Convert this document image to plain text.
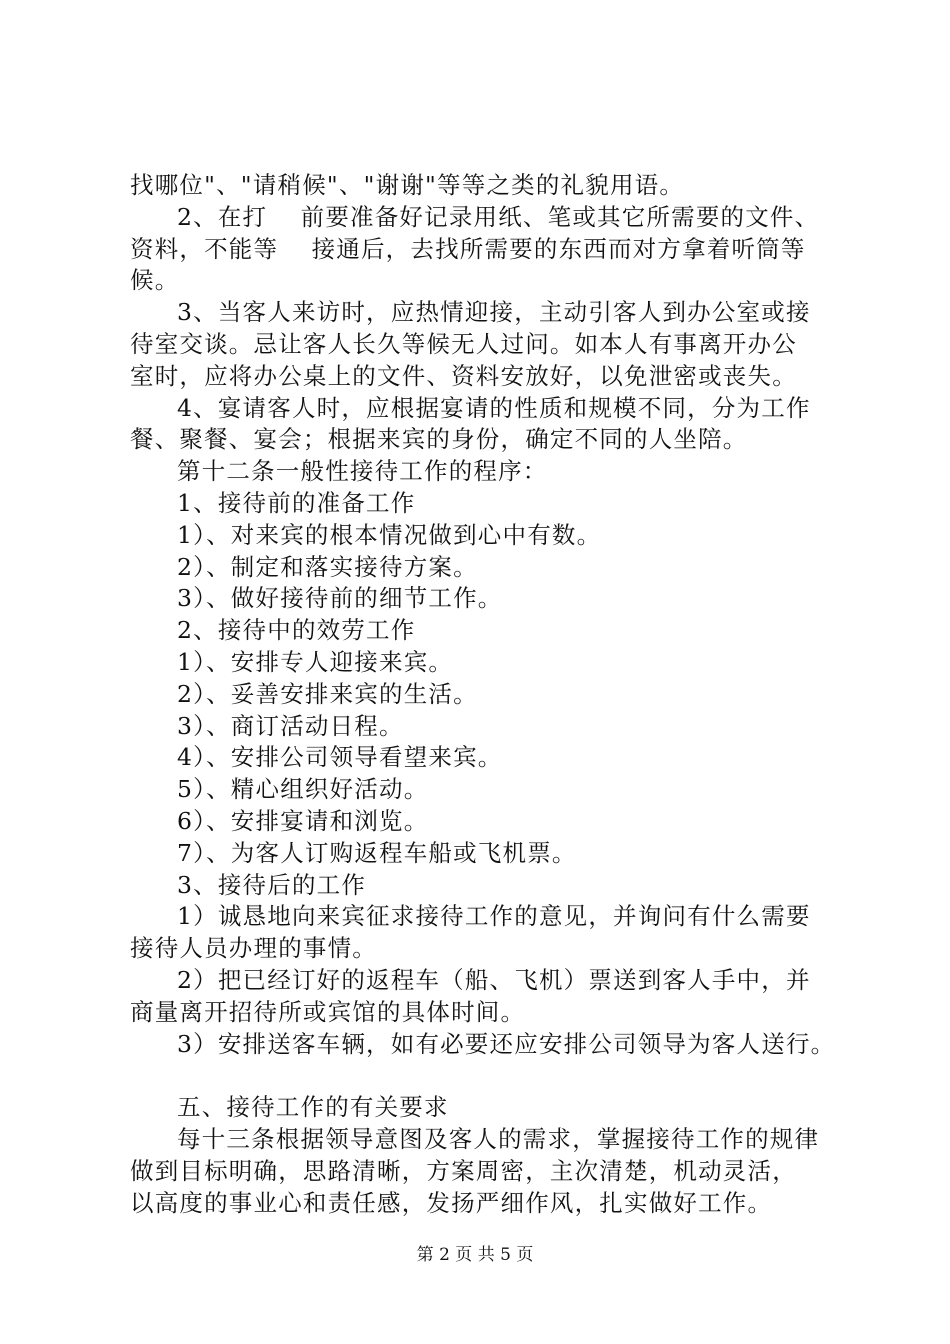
找哪位"、"请稍候"、"谢谢"等等之类的礼貌用语。

2、在打　 前要准备好记录用纸、笔或其它所需要的文件、

资料，不能等　 接通后，去找所需要的东西而对方拿着听筒等

候。

3、当客人来访时，应热情迎接，主动引客人到办公室或接

待室交谈。忌让客人长久等候无人过问。如本人有事离开办公

室时，应将办公桌上的文件、资料安放好，以免泄密或丧失。

4、宴请客人时，应根据宴请的性质和规模不同，分为工作

餐、聚餐、宴会；根据来宾的身份，确定不同的人坐陪。

第十二条一般性接待工作的程序：

1、接待前的准备工作

1）、对来宾的根本情况做到心中有数。

2）、制定和落实接待方案。

3）、做好接待前的细节工作。

2、接待中的效劳工作

1）、安排专人迎接来宾。

2）、妥善安排来宾的生活。

3）、商订活动日程。

4）、安排公司领导看望来宾。

5）、精心组织好活动。

6）、安排宴请和浏览。

7）、为客人订购返程车船或飞机票。

3、接待后的工作

1）诚恳地向来宾征求接待工作的意见，并询问有什么需要

接待人员办理的事情。

2）把已经订好的返程车（船、飞机）票送到客人手中，并

商量离开招待所或宾馆的具体时间。

3）安排送客车辆，如有必要还应安排公司领导为客人送行。

五、接待工作的有关要求

每十三条根据领导意图及客人的需求，掌握接待工作的规律

做到目标明确，思路清晰，方案周密，主次清楚，机动灵活，

以高度的事业心和责任感，发扬严细作风，扎实做好工作。

第 2 页 共 5 页
